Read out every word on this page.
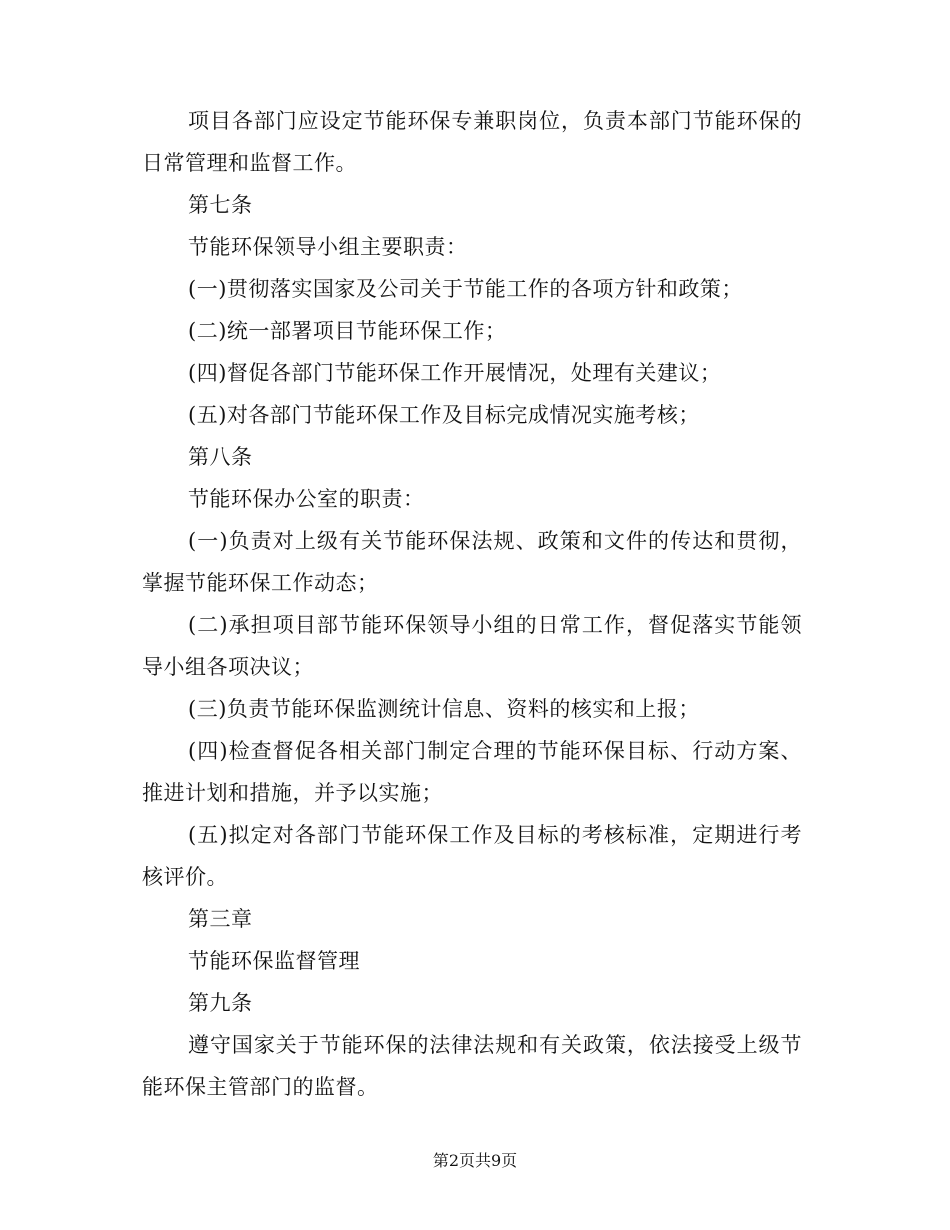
项目各部门应设定节能环保专兼职岗位，负责本部门节能环保的日常管理和监督工作。

第七条

节能环保领导小组主要职责：

(一)贯彻落实国家及公司关于节能工作的各项方针和政策；

(二)统一部署项目节能环保工作；

(四)督促各部门节能环保工作开展情况，处理有关建议；

(五)对各部门节能环保工作及目标完成情况实施考核；

第八条

节能环保办公室的职责：

(一)负责对上级有关节能环保法规、政策和文件的传达和贯彻，掌握节能环保工作动态；

(二)承担项目部节能环保领导小组的日常工作，督促落实节能领导小组各项决议；

(三)负责节能环保监测统计信息、资料的核实和上报；

(四)检查督促各相关部门制定合理的节能环保目标、行动方案、推进计划和措施，并予以实施；

(五)拟定对各部门节能环保工作及目标的考核标准，定期进行考核评价。

第三章

节能环保监督管理

第九条

遵守国家关于节能环保的法律法规和有关政策，依法接受上级节能环保主管部门的监督。

第2页共9页
